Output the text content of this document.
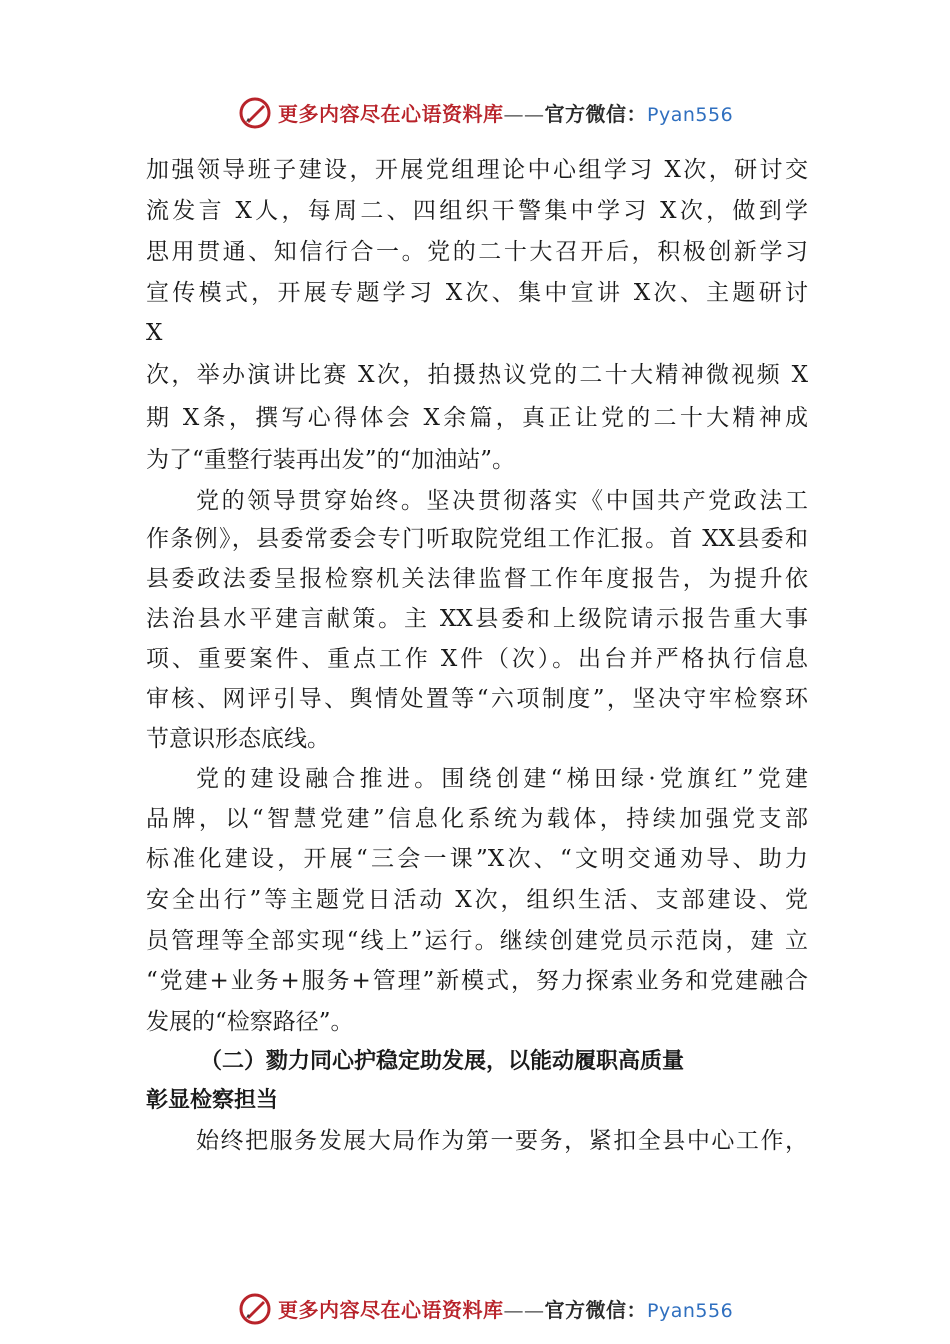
更多内容尽在心语资料库——官方微信：Pyan556
加强领导班子建设，开展党组理论中心组学习 X次，研讨交
流发言 X人，每周二、四组织干警集中学习 X次，做到学
思用贯通、知信行合一。党的二十大召开后，积极创新学习
宣传模式，开展专题学习 X次、集中宣讲 X次、主题研讨
X
次，举办演讲比赛 X次，拍摄热议党的二十大精神微视频 X
期 X条，撰写心得体会 X余篇，真正让党的二十大精神成
为了“重整行装再出发”的“加油站”。
党的领导贯穿始终。坚决贯彻落实《中国共产党政法工
作条例》，县委常委会专门听取院党组工作汇报。首 XX县委和
县委政法委呈报检察机关法律监督工作年度报告，为提升依
法治县水平建言献策。主 XX县委和上级院请示报告重大事
项、重要案件、重点工作 X件（次）。出台并严格执行信息
审核、网评引导、舆情处置等“六项制度”，坚决守牢检察环
节意识形态底线。
党的建设融合推进。围绕创建“梯田绿·党旗红”党建
品牌，以“智慧党建”信息化系统为载体，持续加强党支部
标准化建设，开展“三会一课”X次、“文明交通劝导、助力
安全出行”等主题党日活动 X次，组织生活、支部建设、党
员管理等全部实现“线上”运行。继续创建党员示范岗，建 立
“党建+业务+服务+管理”新模式，努力探索业务和党建融合
发展的“检察路径”。
（二）勠力同心护稳定助发展，以能动履职高质量
彰显检察担当
始终把服务发展大局作为第一要务，紧扣全县中心工作，
更多内容尽在心语资料库——官方微信：Pyan556
